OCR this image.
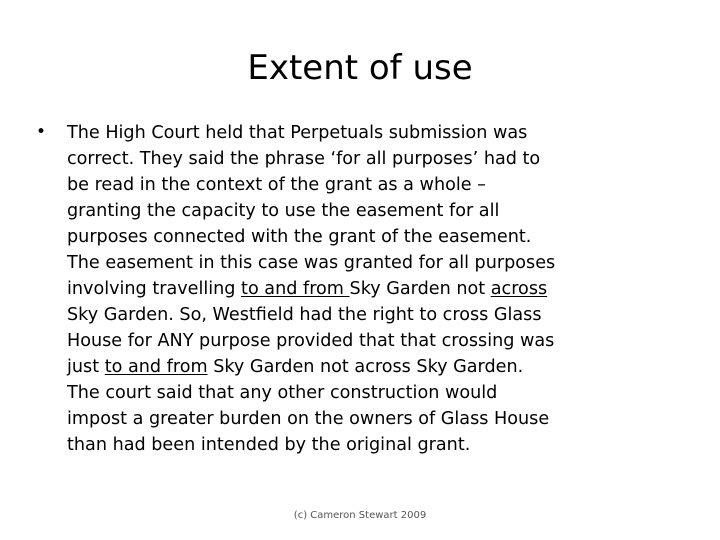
Extent of use
• The High Court held that Perpetuals submission was
correct. They said the phrase ‘for all purposes’ had to
be read in the context of the grant as a whole –
granting the capacity to use the easement for all
purposes connected with the grant of the easement.
The easement in this case was granted for all purposes
involving travelling to and from Sky Garden not across
Sky Garden. So, Westfield had the right to cross Glass
House for ANY purpose provided that that crossing was
just to and from Sky Garden not across Sky Garden.
The court said that any other construction would
impost a greater burden on the owners of Glass House
than had been intended by the original grant.
(c) Cameron Stewart 2009
